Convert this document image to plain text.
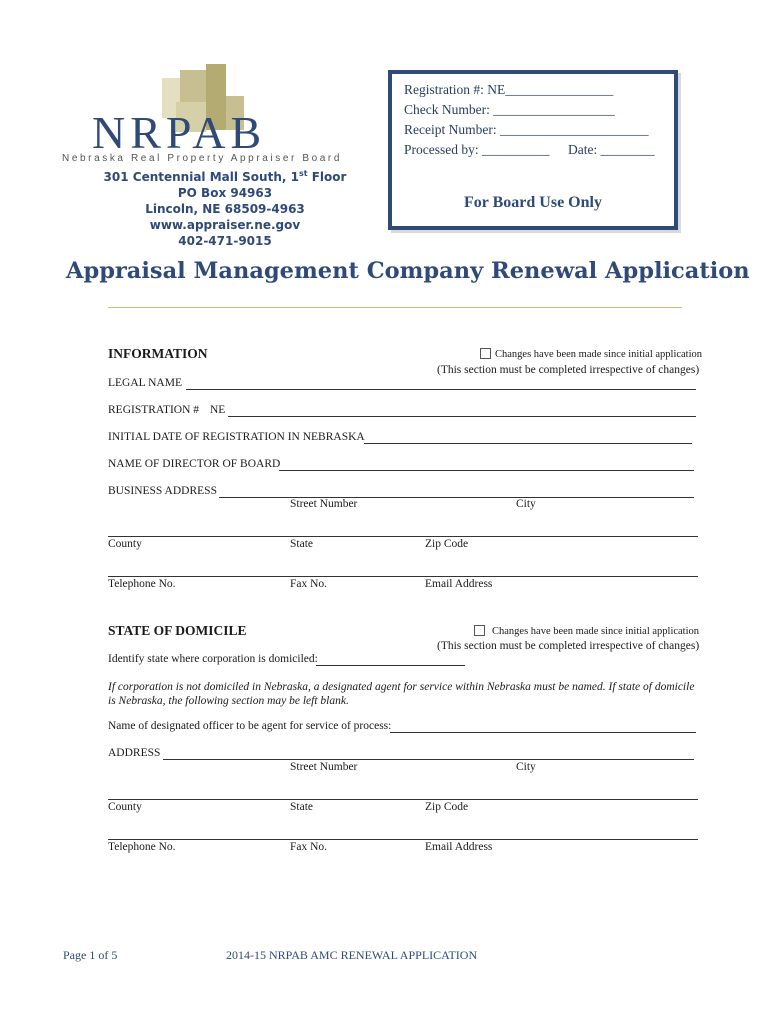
NRPAB
Nebraska Real Property Appraiser Board
301 Centennial Mall South, 1st Floor
PO Box 94963
Lincoln, NE 68509-4963
www.appraiser.ne.gov
402-471-9015
Registration #: NE________________
Check Number: __________________
Receipt Number: ______________________
Processed by: __________ Date: ________
For Board Use Only
Appraisal Management Company Renewal Application
INFORMATION	Changes have been made since initial application
(This section must be completed irrespective of changes)
LEGAL NAME
REGISTRATION # NE
INITIAL DATE OF REGISTRATION IN NEBRASKA
NAME OF DIRECTOR OF BOARD
BUSINESS ADDRESS
Street Number	City
County	State	Zip Code
Telephone No.	Fax No.	Email Address
STATE OF DOMICILE	Changes have been made since initial application
(This section must be completed irrespective of changes)
Identify state where corporation is domiciled:
If corporation is not domiciled in Nebraska, a designated agent for service within Nebraska must be named. If state of domicile
is Nebraska, the following section may be left blank.
Name of designated officer to be agent for service of process:
ADDRESS
Street Number	City
County	State	Zip Code
Telephone No.	Fax No.	Email Address
Page 1 of 5	2014-15 NRPAB AMC RENEWAL APPLICATION
